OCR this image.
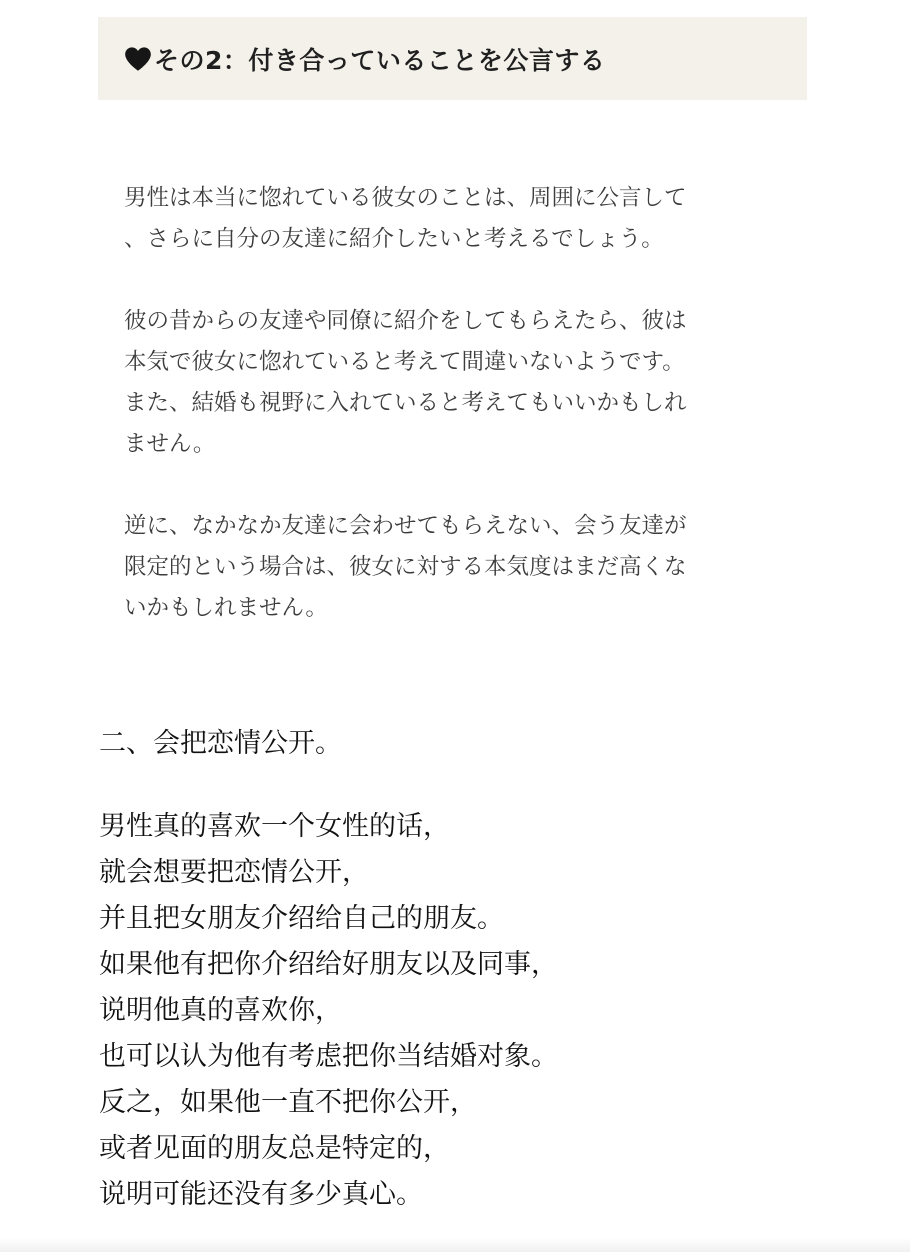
その2：付き合っていることを公言する

男性は本当に惚れている彼女のことは、周囲に公言して
、さらに自分の友達に紹介したいと考えるでしょう。

彼の昔からの友達や同僚に紹介をしてもらえたら、彼は
本気で彼女に惚れていると考えて間違いないようです。
また、結婚も視野に入れていると考えてもいいかもしれ
ません。

逆に、なかなか友達に会わせてもらえない、会う友達が
限定的という場合は、彼女に対する本気度はまだ高くな
いかもしれません。

二、会把恋情公开。
男性真的喜欢一个女性的话，
就会想要把恋情公开，
并且把女朋友介绍给自己的朋友。
如果他有把你介绍给好朋友以及同事，
说明他真的喜欢你，
也可以认为他有考虑把你当结婚对象。
反之，如果他一直不把你公开，
或者见面的朋友总是特定的，
说明可能还没有多少真心。
